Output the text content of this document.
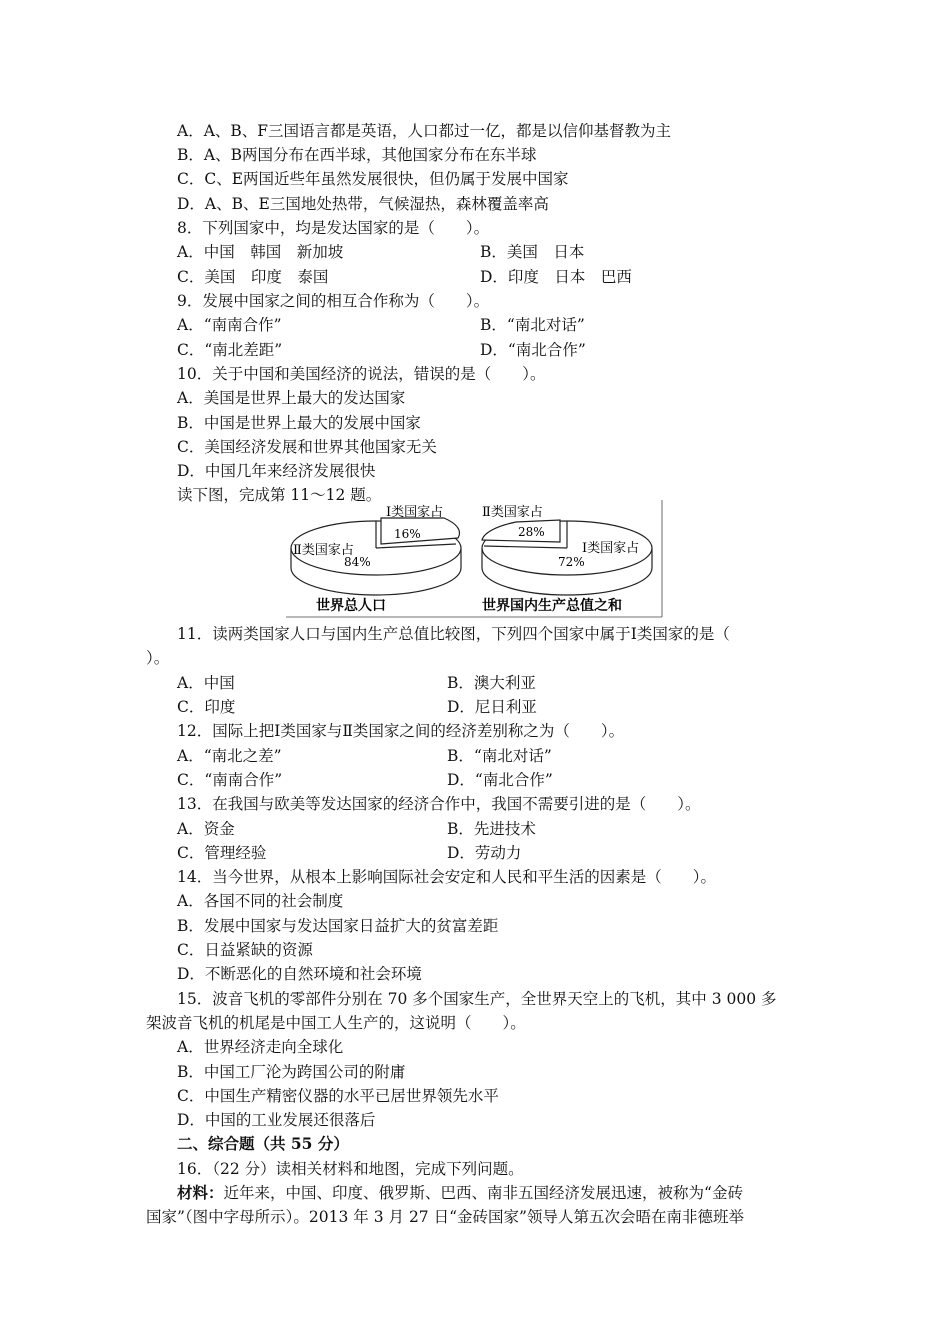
A．A、B、F三国语言都是英语，人口都过一亿，都是以信仰基督教为主
B．A、B两国分布在西半球，其他国家分布在东半球
C．C、E两国近些年虽然发展很快，但仍属于发展中国家
D．A、B、E三国地处热带，气候湿热，森林覆盖率高
8．下列国家中，均是发达国家的是（　　）。
A．中国　韩国　新加坡	B．美国　日本
C．美国　印度　泰国	D．印度　日本　巴西
9．发展中国家之间的相互合作称为（　　）。
A．“南南合作”	B．“南北对话”
C．“南北差距”	D．“南北合作”
10．关于中国和美国经济的说法，错误的是（　　）。
A．美国是世界上最大的发达国家
B．中国是世界上最大的发展中国家
C．美国经济发展和世界其他国家无关
D．中国几年来经济发展很快
读下图，完成第 11～12 题。
Ⅰ类国家占
16%
Ⅱ类国家占
84%
世界总人口
Ⅱ类国家占
28%
Ⅰ类国家占
72%
世界国内生产总值之和
11．读两类国家人口与国内生产总值比较图，下列四个国家中属于Ⅰ类国家的是（
）。
A．中国	B．澳大利亚
C．印度	D．尼日利亚
12．国际上把Ⅰ类国家与Ⅱ类国家之间的经济差别称之为（　　）。
A．“南北之差”	B．“南北对话”
C．“南南合作”	D．“南北合作”
13．在我国与欧美等发达国家的经济合作中，我国不需要引进的是（　　）。
A．资金	B．先进技术
C．管理经验	D．劳动力
14．当今世界，从根本上影响国际社会安定和人民和平生活的因素是（　　）。
A．各国不同的社会制度
B．发展中国家与发达国家日益扩大的贫富差距
C．日益紧缺的资源
D．不断恶化的自然环境和社会环境
15．波音飞机的零部件分别在 70 多个国家生产，全世界天空上的飞机，其中 3 000 多
架波音飞机的机尾是中国工人生产的，这说明（　　）。
A．世界经济走向全球化
B．中国工厂沦为跨国公司的附庸
C．中国生产精密仪器的水平已居世界领先水平
D．中国的工业发展还很落后
二、综合题（共 55 分）
16．（22 分）读相关材料和地图，完成下列问题。
材料：近年来，中国、印度、俄罗斯、巴西、南非五国经济发展迅速，被称为“金砖
国家”（图中字母所示）。2013 年 3 月 27 日“金砖国家”领导人第五次会晤在南非德班举
